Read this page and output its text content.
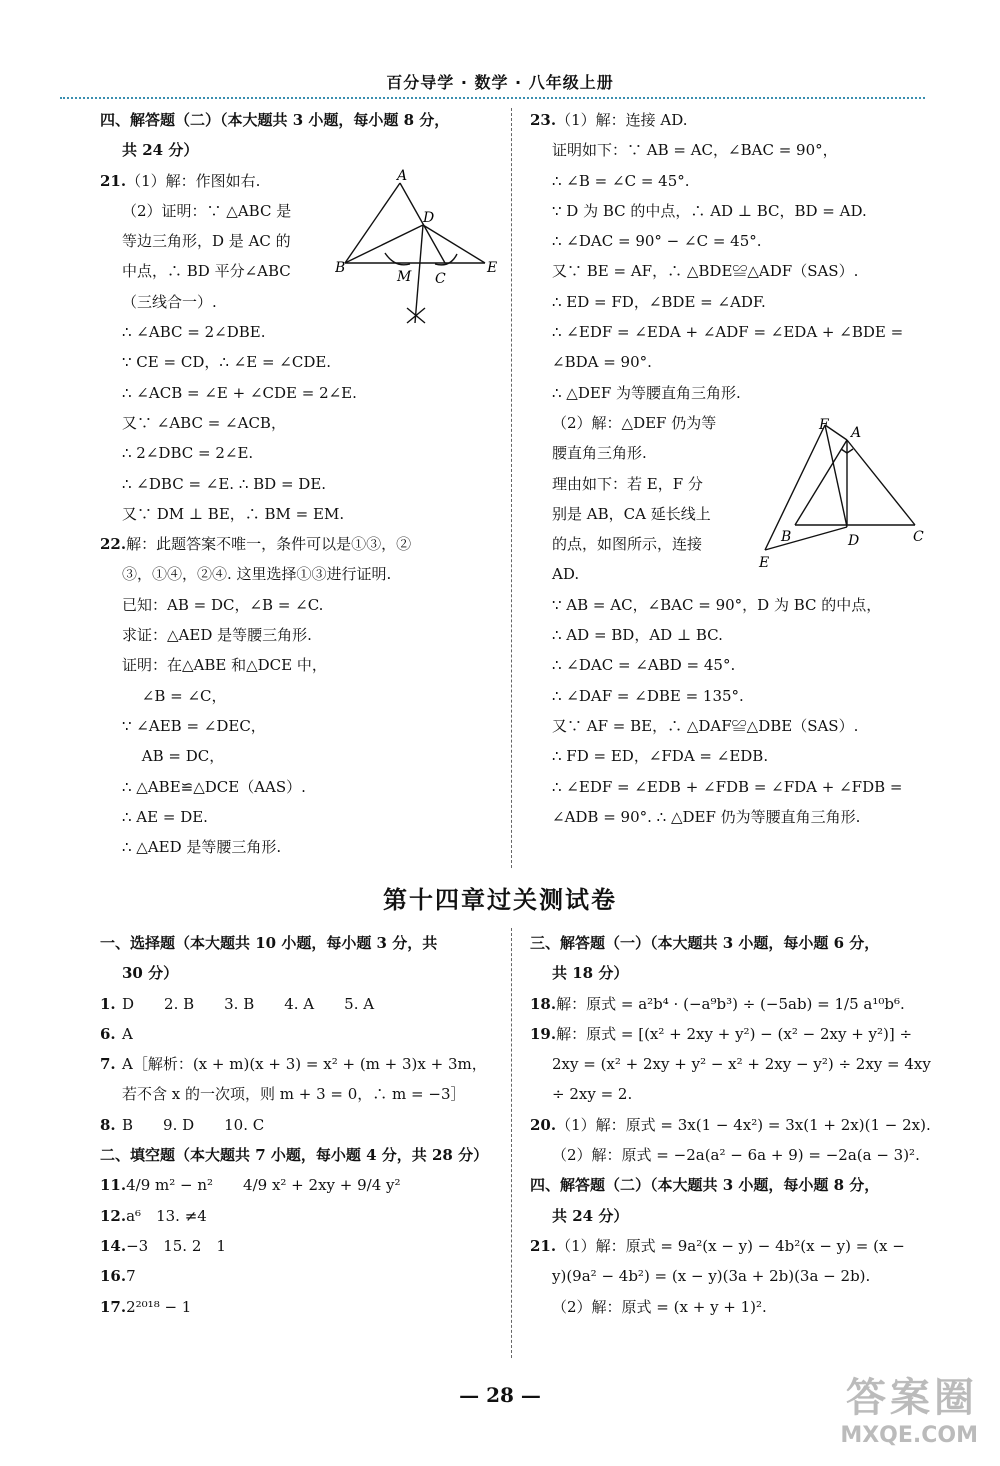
百分导学 · 数学 · 八年级上册
四、解答题（二）（本大题共 3 小题，每小题 8 分，
共 24 分）
21.（1）解：作图如右.
（2）证明：∵ △ABC 是
等边三角形，D 是 AC 的
中点，∴ BD 平分∠ABC
（三线合一）.
∴ ∠ABC = 2∠DBE.
∵ CE = CD，∴ ∠E = ∠CDE.
∴ ∠ACB = ∠E + ∠CDE = 2∠E.
又∵ ∠ABC = ∠ACB，
∴ 2∠DBC = 2∠E.
∴ ∠DBC = ∠E. ∴ BD = DE.
又∵ DM ⊥ BE，∴ BM = EM.
22.解：此题答案不唯一，条件可以是①③，②
③，①④，②④. 这里选择①③进行证明.
已知：AB = DC，∠B = ∠C.
求证：△AED 是等腰三角形.
证明：在△ABE 和△DCE 中，
　 ∠B = ∠C，
∵ ∠AEB = ∠DEC，
　 AB = DC，
∴ △ABE≌△DCE（AAS）.
∴ AE = DE.
∴ △AED 是等腰三角形.
23.（1）解：连接 AD.
证明如下：∵ AB = AC，∠BAC = 90°，
∴ ∠B = ∠C = 45°.
∵ D 为 BC 的中点，∴ AD ⊥ BC，BD = AD.
∴ ∠DAC = 90° − ∠C = 45°.
又∵ BE = AF，∴ △BDE≌△ADF（SAS）.
∴ ED = FD，∠BDE = ∠ADF.
∴ ∠EDF = ∠EDA + ∠ADF = ∠EDA + ∠BDE =
∠BDA = 90°.
∴ △DEF 为等腰直角三角形.
（2）解：△DEF 仍为等
腰直角三角形.
理由如下：若 E，F 分
别是 AB，CA 延长线上
的点，如图所示，连接
AD.
∵ AB = AC，∠BAC = 90°，D 为 BC 的中点，
∴ AD = BD，AD ⊥ BC.
∴ ∠DAC = ∠ABD = 45°.
∴ ∠DAF = ∠DBE = 135°.
又∵ AF = BE，∴ △DAF≌△DBE（SAS）.
∴ FD = ED，∠FDA = ∠EDB.
∴ ∠EDF = ∠EDB + ∠FDB = ∠FDA + ∠FDB =
∠ADB = 90°. ∴ △DEF 仍为等腰直角三角形.
第十四章过关测试卷
一、选择题（本大题共 10 小题，每小题 3 分，共
30 分）
1. D　　2. B　　3. B　　4. A　　5. A
6. A
7. A［解析：(x + m)(x + 3) = x² + (m + 3)x + 3m，
若不含 x 的一次项，则 m + 3 = 0，∴ m = −3］
8. B　　9. D　　10. C
二、填空题（本大题共 7 小题，每小题 4 分，共 28 分）
11.4/9 m² − n²　　4/9 x² + 2xy + 9/4 y²
12.a⁶　13. ≠4
14.−3　15. 2　1
16.7
17.2²⁰¹⁸ − 1
三、解答题（一）（本大题共 3 小题，每小题 6 分，
共 18 分）
18.解：原式 = a²b⁴ · (−a⁹b³) ÷ (−5ab) = 1/5 a¹⁰b⁶.
19.解：原式 = [(x² + 2xy + y²) − (x² − 2xy + y²)] ÷
2xy = (x² + 2xy + y² − x² + 2xy − y²) ÷ 2xy = 4xy
÷ 2xy = 2.
20.（1）解：原式 = 3x(1 − 4x²) = 3x(1 + 2x)(1 − 2x).
（2）解：原式 = −2a(a² − 6a + 9) = −2a(a − 3)².
四、解答题（二）（本大题共 3 小题，每小题 8 分，
共 24 分）
21.（1）解：原式 = 9a²(x − y) − 4b²(x − y) = (x −
y)(9a² − 4b²) = (x − y)(3a + 2b)(3a − 2b).
（2）解：原式 = (x + y + 1)².
A
B
C
D
E
M
F A
B	C
D
E
— 28 —	答案圈
MXQE.COM
